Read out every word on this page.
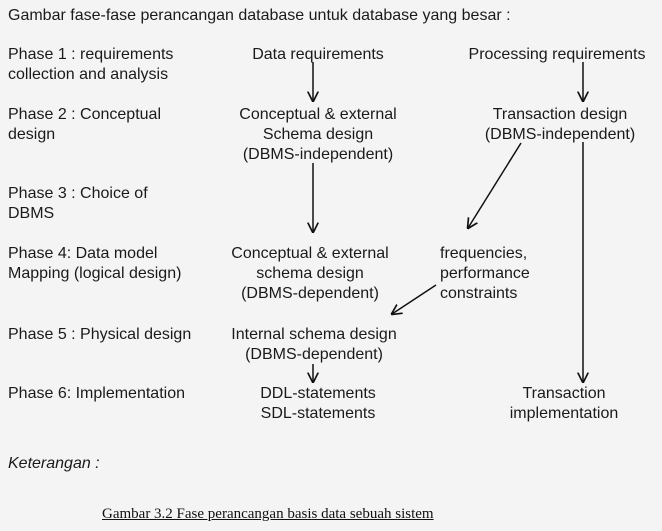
Gambar fase-fase perancangan database untuk database yang besar :
Phase 1 : requirements
collection and analysis
Phase 2 : Conceptual
design
Phase 3 : Choice of
DBMS
Phase 4: Data model
Mapping (logical design)
Phase 5 : Physical design
Phase 6: Implementation
Data requirements
Conceptual & external
Schema design
(DBMS-independent)
Conceptual & external
schema design
(DBMS-dependent)
Internal schema design
(DBMS-dependent)
DDL-statements
SDL-statements
Processing requirements
Transaction design
(DBMS-independent)
frequencies,
performance
constraints
Transaction
implementation
Keterangan :
Gambar 3.2 Fase perancangan basis data sebuah sistem
